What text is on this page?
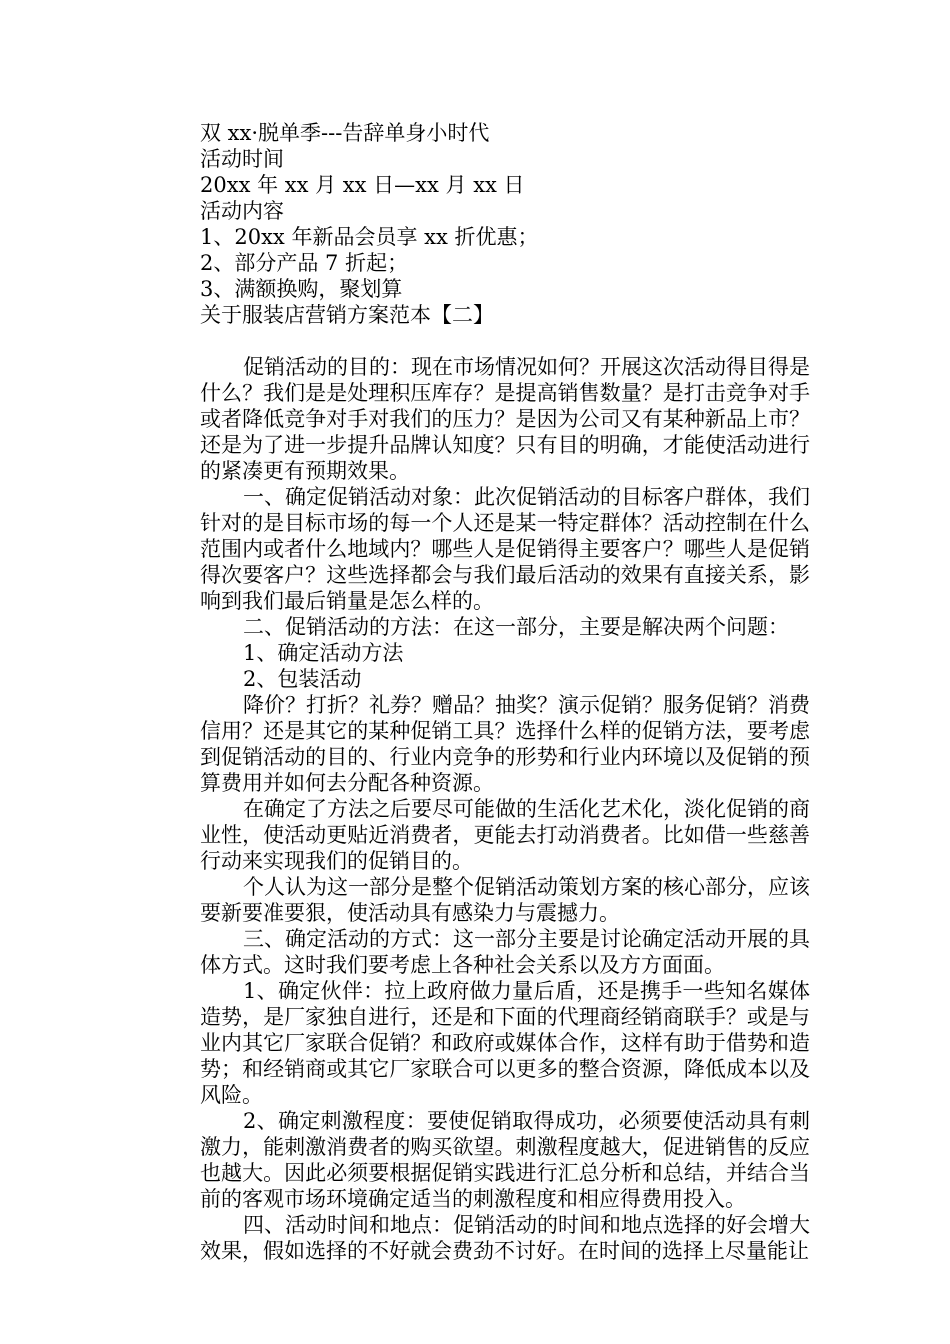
双 xx·脱单季---告辞单身小时代

活动时间

20xx 年 xx 月 xx 日—xx 月 xx 日

活动内容

1、20xx 年新品会员享 xx 折优惠；

2、部分产品 7 折起；

3、满额换购，聚划算

关于服装店营销方案范本【二】

促销活动的目的：现在市场情况如何？开展这次活动得目得是什么？我们是是处理积压库存？是提高销售数量？是打击竞争对手或者降低竞争对手对我们的压力？是因为公司又有某种新品上市？还是为了进一步提升品牌认知度？只有目的明确，才能使活动进行的紧凑更有预期效果。

一、确定促销活动对象：此次促销活动的目标客户群体，我们针对的是目标市场的每一个人还是某一特定群体？活动控制在什么范围内或者什么地域内？哪些人是促销得主要客户？哪些人是促销得次要客户？这些选择都会与我们最后活动的效果有直接关系，影响到我们最后销量是怎么样的。

二、促销活动的方法：在这一部分，主要是解决两个问题：

1、确定活动方法

2、包装活动

降价？打折？礼券？赠品？抽奖？演示促销？服务促销？消费信用？还是其它的某种促销工具？选择什么样的促销方法，要考虑到促销活动的目的、行业内竞争的形势和行业内环境以及促销的预算费用并如何去分配各种资源。

在确定了方法之后要尽可能做的生活化艺术化，淡化促销的商业性，使活动更贴近消费者，更能去打动消费者。比如借一些慈善行动来实现我们的促销目的。

个人认为这一部分是整个促销活动策划方案的核心部分，应该要新要准要狠，使活动具有感染力与震撼力。

三、确定活动的方式：这一部分主要是讨论确定活动开展的具体方式。这时我们要考虑上各种社会关系以及方方面面。

1、确定伙伴：拉上政府做力量后盾，还是携手一些知名媒体造势，是厂家独自进行，还是和下面的代理商经销商联手？或是与业内其它厂家联合促销？和政府或媒体合作，这样有助于借势和造势；和经销商或其它厂家联合可以更多的整合资源，降低成本以及风险。

2、确定刺激程度：要使促销取得成功，必须要使活动具有刺激力，能刺激消费者的购买欲望。刺激程度越大，促进销售的反应也越大。因此必须要根据促销实践进行汇总分析和总结，并结合当前的客观市场环境确定适当的刺激程度和相应得费用投入。

四、活动时间和地点：促销活动的时间和地点选择的好会增大效果，假如选择的不好就会费劲不讨好。在时间的选择上尽量能让
